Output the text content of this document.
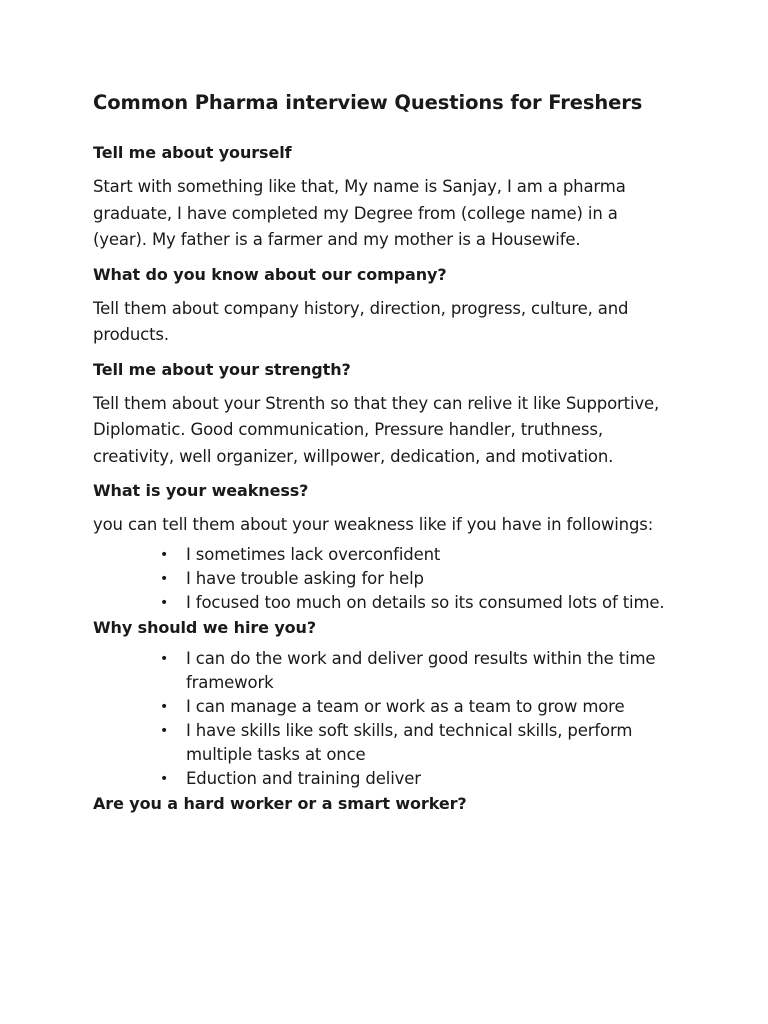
Common Pharma interview Questions for Freshers
Tell me about yourself

Start with something like that, My name is Sanjay, I am a pharma graduate, I have completed my Degree from (college name) in a (year). My father is a farmer and my mother is a Housewife.

What do you know about our company?

Tell them about company history, direction, progress, culture, and products.

Tell me about your strength?

Tell them about your Strenth so that they can relive it like Supportive, Diplomatic. Good communication, Pressure handler, truthness, creativity, well organizer, willpower, dedication, and motivation.

What is your weakness?

you can tell them about your weakness like if you have in followings:

• I sometimes lack overconfident
• I have trouble asking for help
• I focused too much on details so its consumed lots of time.
Why should we hire you?
• I can do the work and deliver good results within the time framework
• I can manage a team or work as a team to grow more
• I have skills like soft skills, and technical skills, perform multiple tasks at once
• Eduction and training deliver
Are you a hard worker or a smart worker?
